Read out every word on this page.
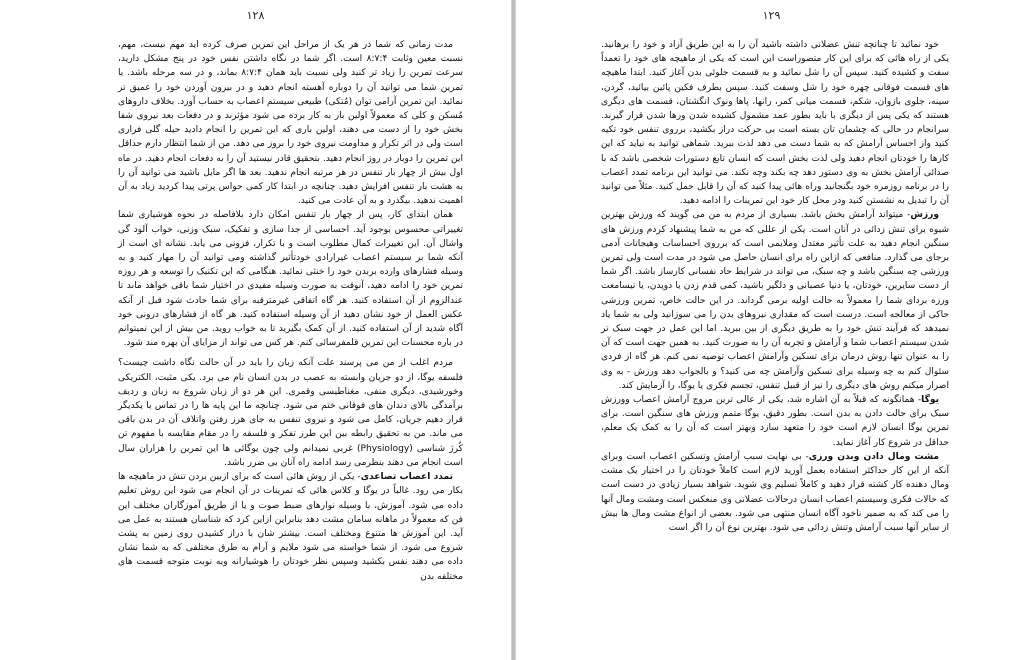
۱۲۸

مدت زمانی که شما در هر یک از مراحل این تمرین صرف کرده اید مهم نیست، مهم، نسبت معین وثابت ۸:۷:۴ است. اگر شما در نگاه داشتن نفس خود در پنج مشکل دارید، سرعت تمرین را زیاد تر کنید ولی نسبت باید همان ۸:۷:۴ بماند، و در سه مرحله باشد. با تمرین شما می توانید آن را دوباره آهسته انجام دهید و در بیرون آوردن خود را عمیق تر نمائید. این تمرین آرامی توان (مُتکی) طبیعی سیستم اعصاب به حساب آورد. بخلاف داروهای مُسکن و کلی که معمولاً اولین بار به کار برده می شود مؤثرند و در دفعات بعد نیروی شفا بخش خود را از دست می دهند، اولین باری که این تمرین را انجام دادید حیله گلی فراری است ولی در اثر تکرار و مداومت نیروی خود را بروز می دهد. من از شما انتظار دارم حداقل این تمرین را دوبار در روز انجام دهید. بتحقیق قادر نیستید آن را به دفعات انجام دهید. در ماه اول بیش از چهار بار تنفس در هر مرتبه انجام ندهید. بعد ها اگر مایل باشید می توانید آن را به هشت بار تنفس افزایش دهید. چنانچه در ابتدا کار کمی حواس پرتی پیدا کردید زیاد به آن اهمیت ندهید. بیگذرد و به آن عادت می کنید.

همان ابتدای کار، پس از چهار بار تنفس امکان دارد بلافاصله در نحوه هوشیاری شما تغییراتی محسوس بوجود آید. احساسی از جدا سازی و تفکیک، سبک وزنی، خواب آلود گی واشال آن. این تغییرات کمال مطلوب است و با تکرار، فزونی می یابد. نشانه ای است از آنکه شما بر سیستم اعصاب غیرارادی خودتأثیر گذاشته ومی توانید آن را مهار کنید و به وسیله فشارهای وارده بربدن خود را خنثی نمائید. هنگامی که این تکنیک را توسعه و هر روزه تمرین خود را ادامه دهید، آنوقت به صورت وسیله مفیدی در اختیار شما باقی خواهد ماند تا عندالزوم از آن استفاده کنید. هر گاه اتفاقی غیرمترقبه برای شما حادث شود قبل از آنکه عکس العمل از خود نشان دهید از آن وسیله استفاده کنید. هر گاه از فشارهای درونی خود آگاه شدید از آن استفاده کنید. از آن کمک بگیرید تا به خواب روید. من بیش از این نمیتوانم در باره محسنات این تمرین قلمفرسائی کنم. هر کس می تواند از مزایای آن بهره مند شود.

مردم اغلب از من می پرسند علت آنکه زبان را باید در آن حالت نگاه داشت چیست؟ فلسفه یوگا، از دو جریان وابسته به عصب در بدن انسان نام می برد. یکی مثبت، الکتریکی وخورشیدی، دیگری منفی، مغناطیسی وقمری. این هر دو از زبان شروع به زبان و ردیف برآمدگی بالای دندان های فوقانی ختم می شود. چنانچه ما این پایه ها را در تماس با یکدیگر قرار دهیم جریان، کامل می شود و نیروی تنفس به جای هرز رفتن واتلاف آن در بدن باقی می ماند. من به تحقیق رابطه بین این طرز تفکر و فلسفه را در مقام مقایسه با مفهوم تن کُرژ شناسی (Physiology) غربی نمیدانم ولی چون یوگائی ها این تمرین را هزاران سال است انجام می دهند بنظرمی رسد ادامه راه آنان بی ضرر باشد.

تمدد اعصاب تصاعدی- یکی از روش هائی است که برای ازبین بردن تنش در ماهیچه ها بکار می رود. غالباً در یوگا و کلاس هائی که تمرینات در آن انجام می شود این روش تعلیم داده می شود. آموزش، با وسیله نوارهای ضبط صوت و یا از طریق آموزگاران مختلف این فن که معمولاً در ماهانه سامان مشت دهد بنابراین ازاین کرد که شناسان هستند به عمل می آید. این آموزش ها متنوع ومختلف است. بیشتر شان با دراز کشیدن روی زمین به پشت شروع می شود. از شما خواسته می شود ملایم و آرام به طرق مختلفی که به شما نشان داده می دهند نفس بکشید وسپس نظر خودتان را هوشیارانه وبه نوبت متوجه قسمت های مختلفه بدن

۱۲۹

خود نمائید تا چنانچه تنش عضلانی داشته باشید آن را به این طریق آزاد و خود را برهانید. یکی از راه هائی که برای این کار متصوراست این است که یکی از ماهیچه های خود را تعمداً سفت و کشیده کنید. سپس آن را شل نمائید و به قسمت جلوئی بدن آغاز کنید. ابتدا ماهیچه های قسمت فوقانی چهره خود را شل وسفت کنید. سپس بطرف فکین پائین بیائید، گردن، سینه، جلوی بازوان، شکم، قسمت میانی کمر، رانها، پاها ونوک انگشتان، قسمت های دیگری هستند که یکی پس از دیگری با باید بطور عمد مشمول کشیده شدن ورها شدن قرار گیرند. سرانجام در حالی که چشمان تان بسته است بی حرکت دراز بکشید، برروی تنفس خود تکیه کنید واز احساس آرامش که به شما دست می دهد لذت ببرید. شماهی توانید به نیاید که این کارها را خودتان انجام دهید ولی لذت بخش است که انسان تابع دستورات شخصی باشد که با صدائی آرامش بخش به وی دستور دهد چه بکند وچه نکند. می توانید این برنامه تمدد اعصاب را در برنامه روزمره خود بگنجانید وراه هائی پیدا کنید که آن را قابل حمل کنید. مثلاً می توانید آن را تبدیل به نشستن کنید ودر محل کار خود این تمرینات را ادامه دهید.

ورزش- میتواند آرامش بخش باشد. بسیاری از مردم به من می گویند که ورزش بهترین شیوه برای تنش زدائی در آنان است. یکی از عللی که من به شما پیشنهاد کردم ورزش های سنگین انجام دهید به علت تأثیر معتدل وملایمی است که برروی احساسات وهیجانات آدمی برجای می گذارد. منافعی که ازاین راه برای انسان حاصل می شود در مدت است ولی تمرین ورزشی چه سنگین باشد و چه سبک، می تواند در شرایط حاد نفسانی کارساز باشد. اگر شما از دست سایرین، خودتان، یا دنیا عصبانی و دلگیر باشید، کمی قدم زدن یا دویدن، یا تیسامعت ورزه بردای شما را معمولاً به حالت اولیه برمی گرداند. در این حالت خاص، تمرین ورزشی حاکی از معالجه است. درست است که مقداری نیروهای بدن را می سوزانید ولی به شما یاد نمیدهد که فرآیند تنش خود را به طریق دیگری از بین ببرید. اما این عمل در جهت سبک تر شدن سیستم اعصاب شما و آرامش و تجربه آن را به صورت کنید. به همین جهت است که آن را به عنوان تنها روش درمان برای تسکین وآرامش اعصاب توصیه نمی کنم. هر گاه از فردی سئوال کنم به چه وسیله برای تسکین وآرامش چه می کنید؟ و بالجواب دهد ورزش - به وی اصرار میکنم روش های دیگری را نیز از قبیل تنفس، تجسم فکری یا یوگا، را آزمایش کند.

یوگا- همانگونه که قبلاً به آن اشاره شد، یکی از عالی ترین مروج آرامش اعصاب وورزش سبک برای حالت دادن به بدن است. بطور دقیق، یوگا متمم ورزش های سنگین است. برای تمرین یوگا انسان لازم است خود را متعهد سازد وبهتر است که آن را به کمک یک معلم، حداقل در شروع کار آغاز نماید.

مشت ومال دادن وبدن ورزی- بی نهایت سبب آرامش وتسکین اعصاب است وبرای آنکه از این کار حداکثر استفاده بعمل آورید لازم است کاملاً خودتان را در اختیار یک مشت ومال دهنده کار کشته قرار دهید و کاملاً تسلیم وی شوید. شواهد بسیار زیادی در دست است که حالات فکری وسیستم اعصاب انسان درحالات عضلانی وی منعکس است ومشت ومال آنها را می کند که به ضمیر ناخود آگاه انسان منتهی می شود. بعضی از انواع مشت ومال ها بیش از سایر آنها سبب آرامش وتنش زدائی می شود. بهترین نوع آن را اگر است
